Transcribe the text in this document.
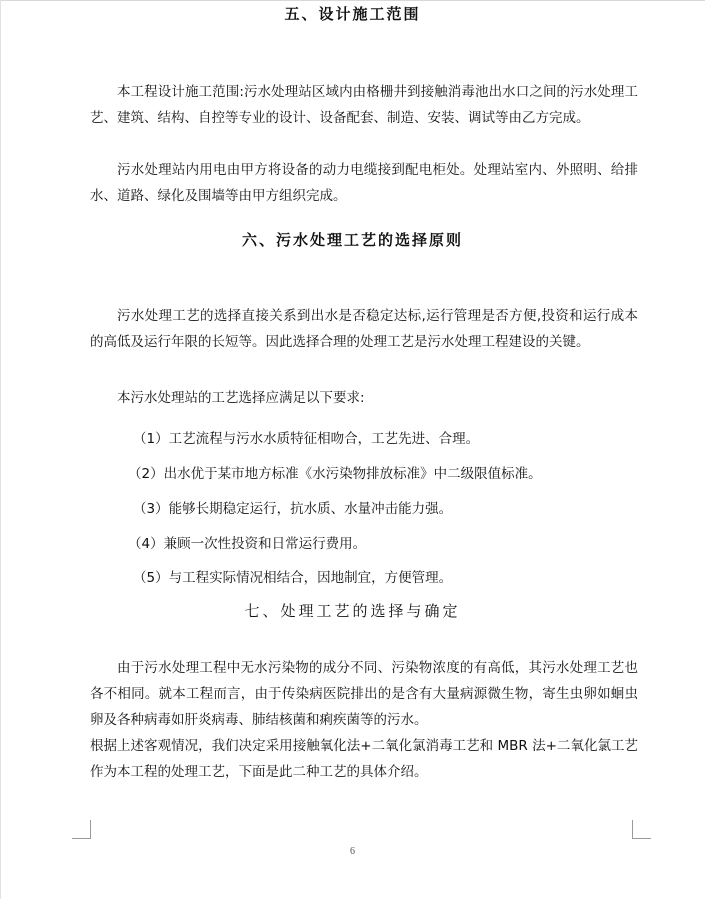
五、设计施工范围
本工程设计施工范围:污水处理站区域内由格栅井到接触消毒池出水口之间的污水处理工艺、建筑、结构、自控等专业的设计、设备配套、制造、安装、调试等由乙方完成。
污水处理站内用电由甲方将设备的动力电缆接到配电柜处。处理站室内、外照明、给排水、道路、绿化及围墙等由甲方组织完成。
六、污水处理工艺的选择原则
污水处理工艺的选择直接关系到出水是否稳定达标,运行管理是否方便,投资和运行成本的高低及运行年限的长短等。因此选择合理的处理工艺是污水处理工程建设的关键。
本污水处理站的工艺选择应满足以下要求:
（1）工艺流程与污水水质特征相吻合，工艺先进、合理。
（2）出水优于某市地方标准《水污染物排放标准》中二级限值标准。
（3）能够长期稳定运行，抗水质、水量冲击能力强。
（4）兼顾一次性投资和日常运行费用。
（5）与工程实际情况相结合，因地制宜，方便管理。
七、处理工艺的选择与确定
由于污水处理工程中无水污染物的成分不同、污染物浓度的有高低，其污水处理工艺也各不相同。就本工程而言，由于传染病医院排出的是含有大量病源微生物，寄生虫卵如蛔虫卵及各种病毒如肝炎病毒、肺结核菌和痢疾菌等的污水。
根据上述客观情况，我们决定采用接触氧化法+二氧化氯消毒工艺和 MBR 法+二氧化氯工艺作为本工程的处理工艺，下面是此二种工艺的具体介绍。
6
